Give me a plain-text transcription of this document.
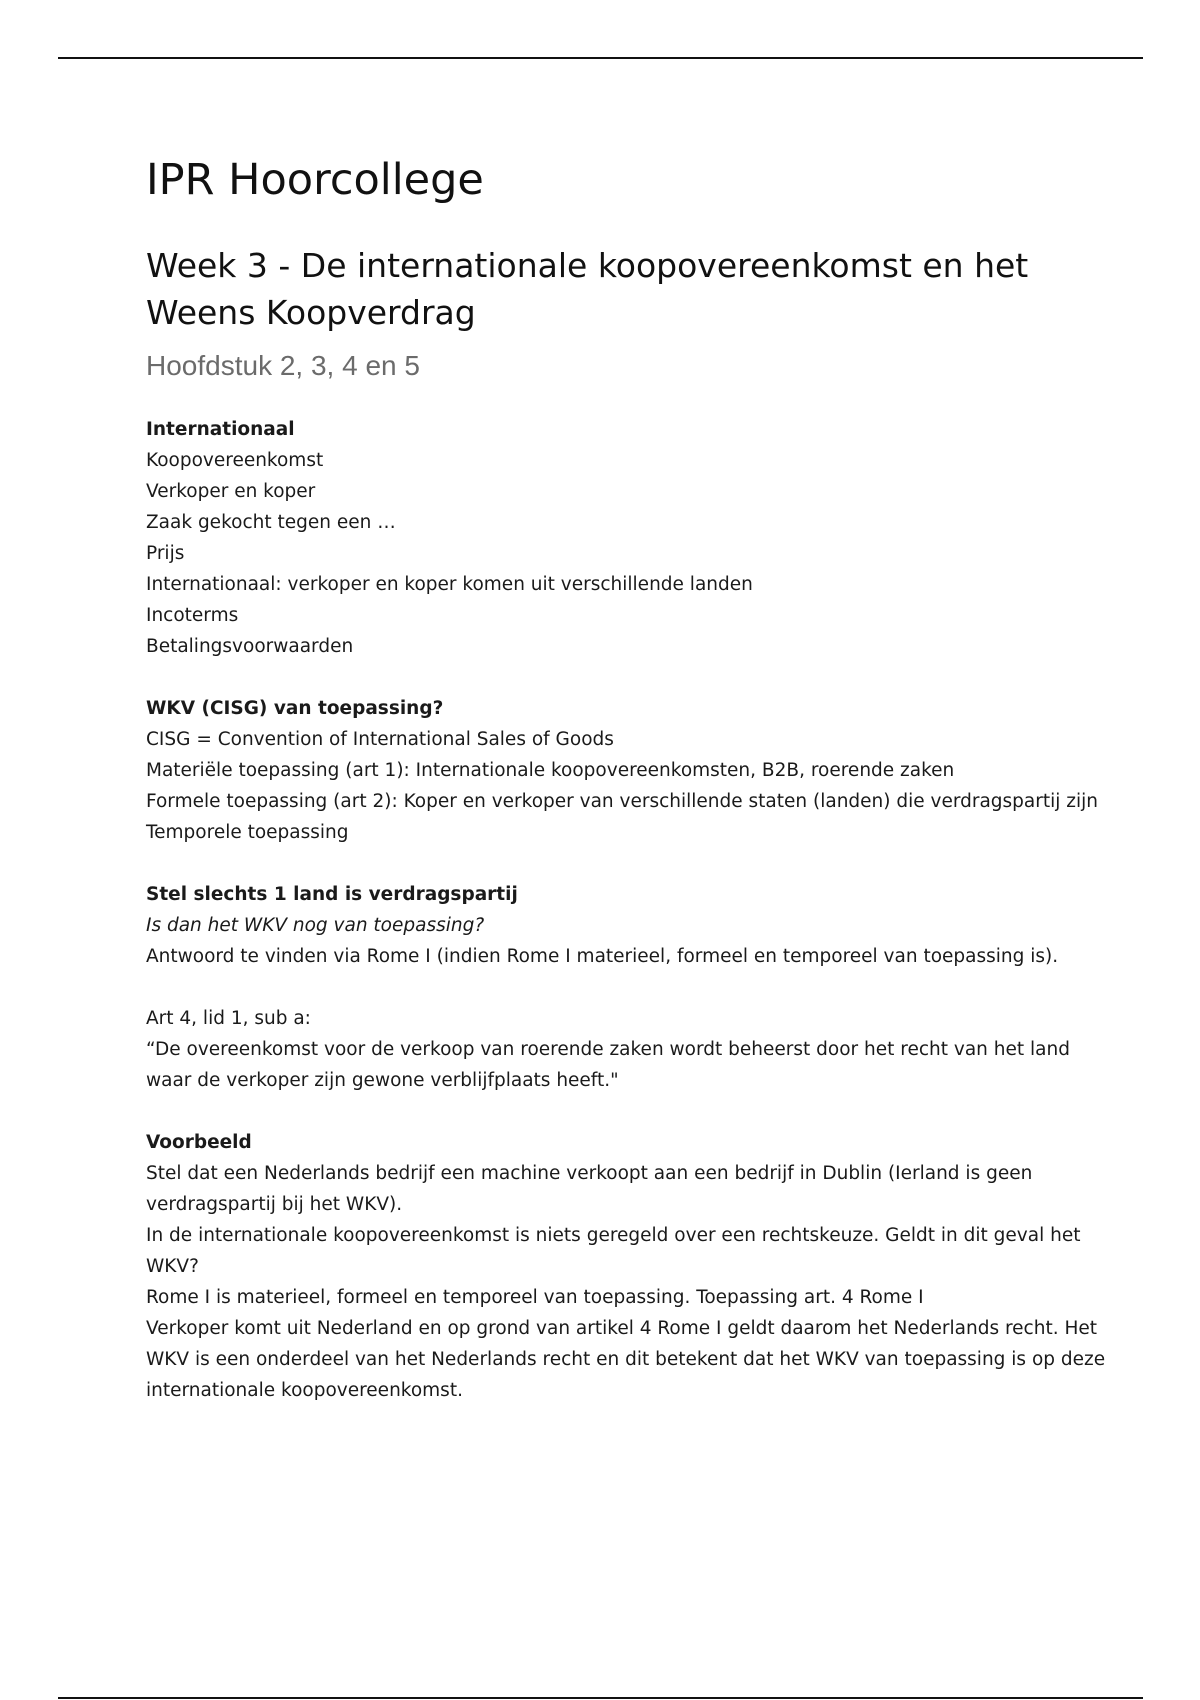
IPR Hoorcollege
Week 3 - De internationale koopovereenkomst en het
Weens Koopverdrag
Hoofdstuk 2, 3, 4 en 5
Internationaal
Koopovereenkomst
Verkoper en koper
Zaak gekocht tegen een …
Prijs
Internationaal: verkoper en koper komen uit verschillende landen
Incoterms
Betalingsvoorwaarden
WKV (CISG) van toepassing?
CISG = Convention of International Sales of Goods
Materiële toepassing (art 1): Internationale koopovereenkomsten, B2B, roerende zaken
Formele toepassing (art 2): Koper en verkoper van verschillende staten (landen) die verdragspartij zijn
Temporele toepassing
Stel slechts 1 land is verdragspartij
Is dan het WKV nog van toepassing?
Antwoord te vinden via Rome I (indien Rome I materieel, formeel en temporeel van toepassing is).
Art 4, lid 1, sub a:
“De overeenkomst voor de verkoop van roerende zaken wordt beheerst door het recht van het land
waar de verkoper zijn gewone verblijfplaats heeft."
Voorbeeld
Stel dat een Nederlands bedrijf een machine verkoopt aan een bedrijf in Dublin (Ierland is geen
verdragspartij bij het WKV).
In de internationale koopovereenkomst is niets geregeld over een rechtskeuze. Geldt in dit geval het
WKV?
Rome I is materieel, formeel en temporeel van toepassing. Toepassing art. 4 Rome I
Verkoper komt uit Nederland en op grond van artikel 4 Rome I geldt daarom het Nederlands recht. Het
WKV is een onderdeel van het Nederlands recht en dit betekent dat het WKV van toepassing is op deze
internationale koopovereenkomst.
